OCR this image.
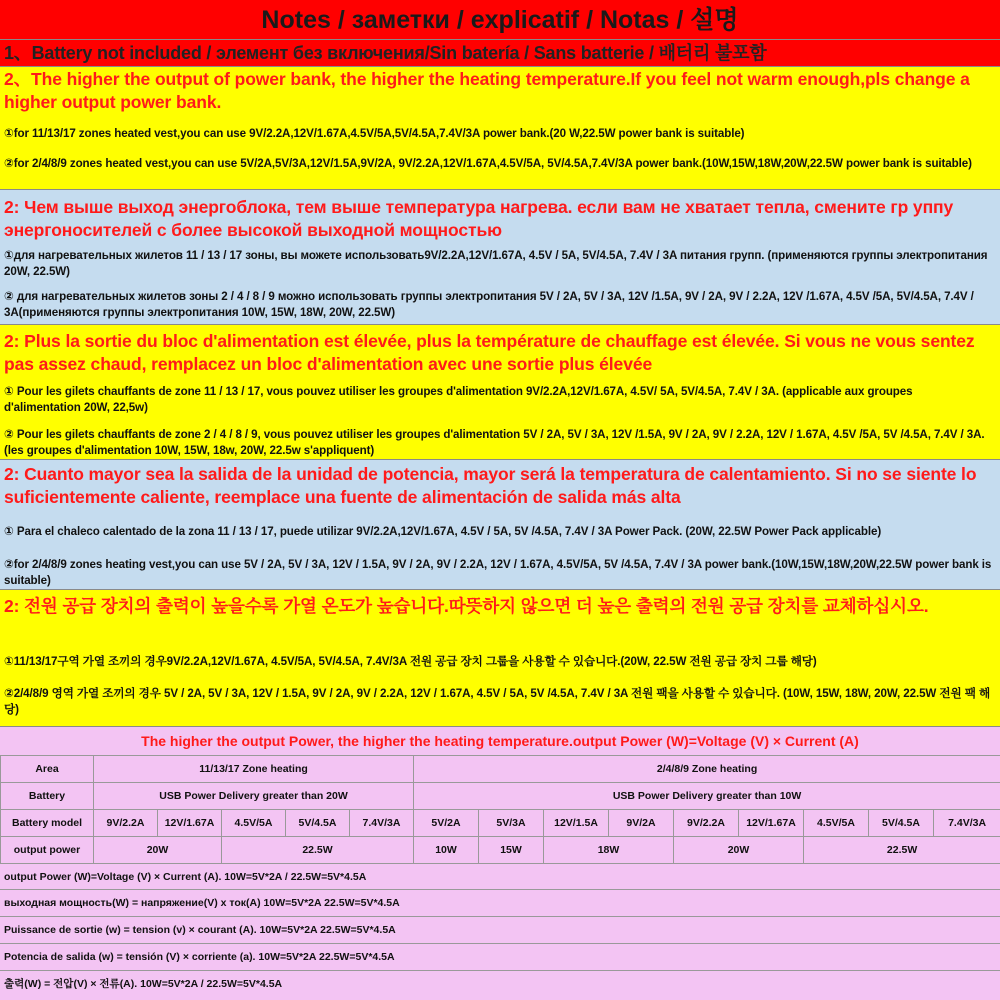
Notes / заметки / explicatif / Notas / 설명
1、Battery not included / элемент без включения/Sin batería / Sans batterie / 배터리 불포함
2、The higher the output of power bank, the higher the heating temperature.If you feel not warm enough,pls change a higher output power bank.
①for 11/13/17 zones heated vest,you can use 9V/2.2A,12V/1.67A,4.5V/5A,5V/4.5A,7.4V/3A power bank.(20 W,22.5W power bank is suitable)
②for 2/4/8/9 zones heated vest,you can use 5V/2A,5V/3A,12V/1.5A,9V/2A, 9V/2.2A,12V/1.67A,4.5V/5A, 5V/4.5A,7.4V/3A power bank.(10W,15W,18W,20W,22.5W power bank is suitable)
2: Чем выше выход энергоблока, тем выше температура нагрева. если вам не хватает тепла, смените гр уппу энергоносителей с более высокой выходной мощностью
①для нагревательных жилетов 11 / 13 / 17 зоны, вы можете использовать9V/2.2A,12V/1.67A, 4.5V / 5A, 5V/4.5A, 7.4V / 3A питания групп. (применяются группы электропитания 20W, 22.5W)
② для нагревательных жилетов зоны 2 / 4 / 8 / 9 можно использовать группы электропитания 5V / 2A, 5V / 3A, 12V /1.5A, 9V / 2A, 9V / 2.2A, 12V /1.67A, 4.5V /5A, 5V/4.5A, 7.4V / 3A(применяются группы электропитания 10W, 15W, 18W, 20W, 22.5W)
2: Plus la sortie du bloc d'alimentation est élevée, plus la température de chauffage est élevée. Si vous ne vous sentez pas assez chaud, remplacez un bloc d'alimentation avec une sortie plus élevée
① Pour les gilets chauffants de zone 11 / 13 / 17, vous pouvez utiliser les groupes d'alimentation 9V/2.2A,12V/1.67A, 4.5V/ 5A, 5V/4.5A, 7.4V / 3A. (applicable aux groupes d'alimentation 20W, 22,5w)
② Pour les gilets chauffants de zone 2 / 4 / 8 / 9, vous pouvez utiliser les groupes d'alimentation 5V / 2A, 5V / 3A, 12V /1.5A, 9V / 2A, 9V / 2.2A, 12V / 1.67A, 4.5V /5A, 5V /4.5A, 7.4V / 3A. (les groupes d'alimentation 10W, 15W, 18w, 20W, 22.5w s'appliquent)
2: Cuanto mayor sea la salida de la unidad de potencia, mayor será la temperatura de calentamiento. Si no se siente lo suficientemente caliente, reemplace una fuente de alimentación de salida más alta
① Para el chaleco calentado de la zona 11 / 13 / 17, puede utilizar 9V/2.2A,12V/1.67A, 4.5V / 5A, 5V /4.5A, 7.4V / 3A Power Pack. (20W, 22.5W Power Pack applicable)
②for 2/4/8/9 zones heating vest,you can use 5V / 2A, 5V / 3A, 12V / 1.5A, 9V / 2A, 9V / 2.2A, 12V / 1.67A, 4.5V/5A, 5V /4.5A, 7.4V / 3A power bank.(10W,15W,18W,20W,22.5W power bank is suitable)
2: 전원 공급 장치의 출력이 높을수록 가열 온도가 높습니다.따뜻하지 않으면 더 높은 출력의 전원 공급 장치를 교체하십시오.
①11/13/17구역 가열 조끼의 경우9V/2.2A,12V/1.67A, 4.5V/5A, 5V/4.5A, 7.4V/3A 전원 공급 장치 그룹을 사용할 수 있습니다.(20W, 22.5W 전원 공급 장치 그룹 해당)
②2/4/8/9 영역 가열 조끼의 경우 5V / 2A, 5V / 3A, 12V / 1.5A, 9V / 2A, 9V / 2.2A, 12V / 1.67A, 4.5V / 5A, 5V /4.5A, 7.4V / 3A 전원 팩을 사용할 수 있습니다. (10W, 15W, 18W, 20W, 22.5W 전원 팩 해당)
The higher the output Power, the higher the heating temperature.output Power (W)=Voltage (V) × Current (A)
Area	11/13/17 Zone heating					2/4/8/9 Zone heating								
Battery	USB Power Delivery greater than 20W					USB Power Delivery greater than 10W								
Battery model	9V/2.2A	12V/1.67A	4.5V/5A	5V/4.5A	7.4V/3A	5V/2A	5V/3A	12V/1.5A	9V/2A	9V/2.2A	12V/1.67A	4.5V/5A	5V/4.5A	7.4V/3A
output power	20W		22.5W			10W	15W	18W		20W		22.5W		
output Power (W)=Voltage (V) × Current (A). 10W=5V*2A / 22.5W=5V*4.5A
выходная мощность(W) = напряжение(V) x ток(A) 10W=5V*2A 22.5W=5V*4.5A
Puissance de sortie (w) = tension (v) × courant (A). 10W=5V*2A 22.5W=5V*4.5A
Potencia de salida (w) = tensión (V) × corriente (a). 10W=5V*2A 22.5W=5V*4.5A
출력(W) = 전압(V) × 전류(A). 10W=5V*2A / 22.5W=5V*4.5A
